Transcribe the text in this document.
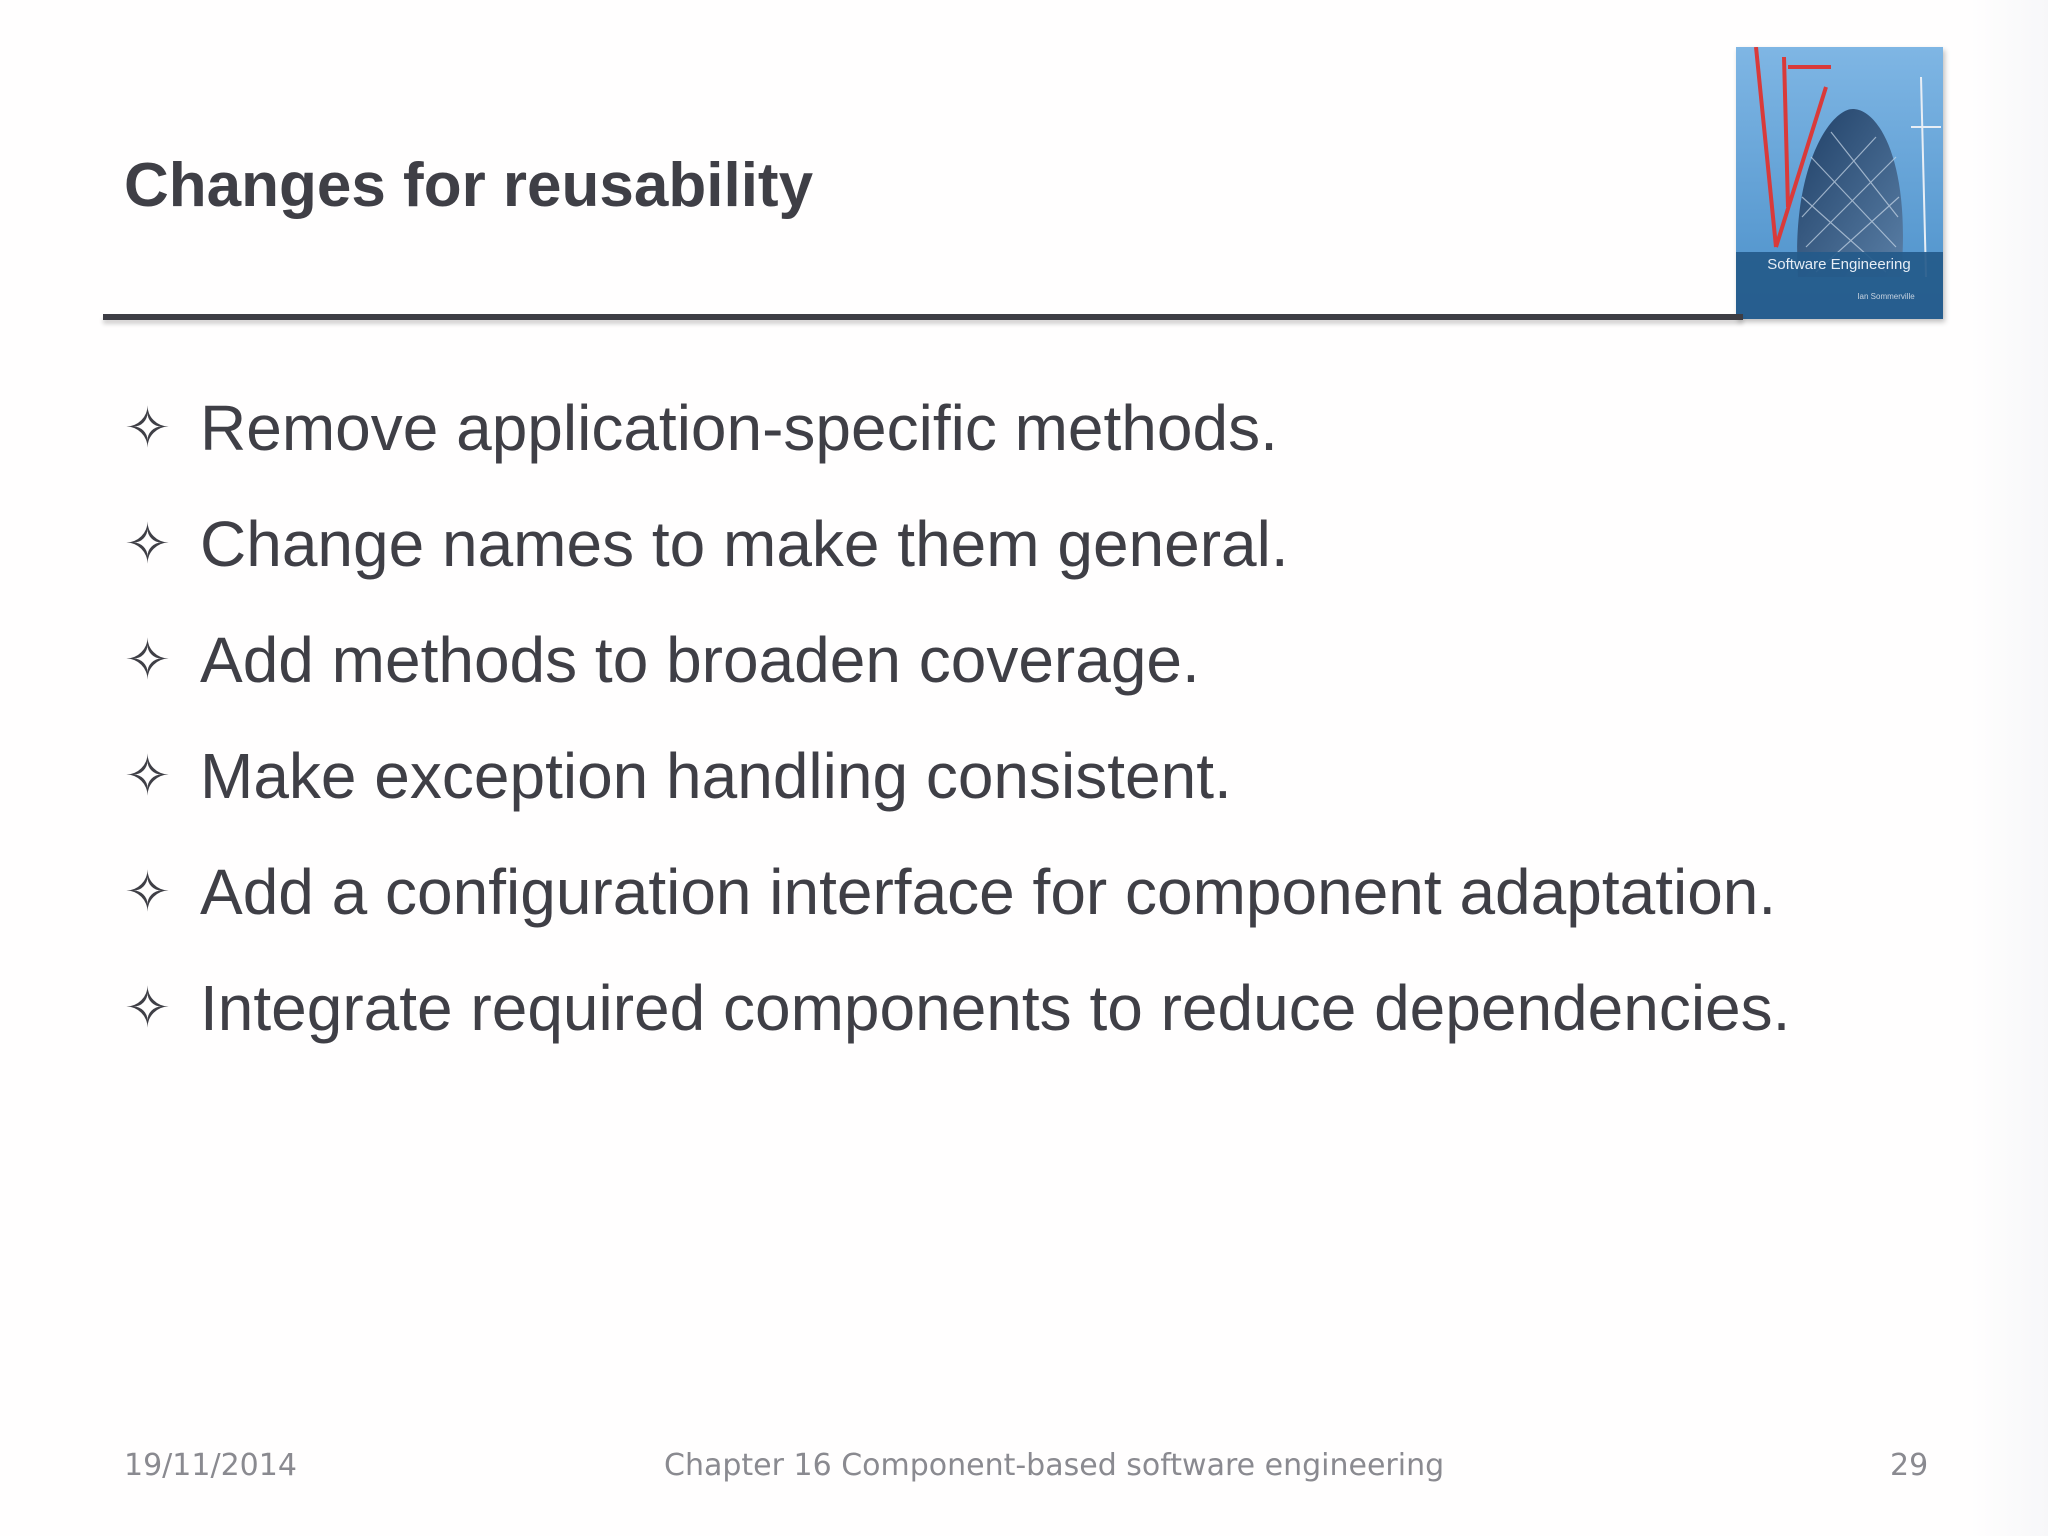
Changes for reusability
Software Engineering
Ian Sommerville
✧ Remove application-specific methods.
✧ Change names to make them general.
✧ Add methods to broaden coverage.
✧ Make exception handling consistent.
✧ Add a configuration interface for component adaptation.
✧ Integrate required components to reduce dependencies.
19/11/2014	Chapter 16 Component-based software engineering	29
